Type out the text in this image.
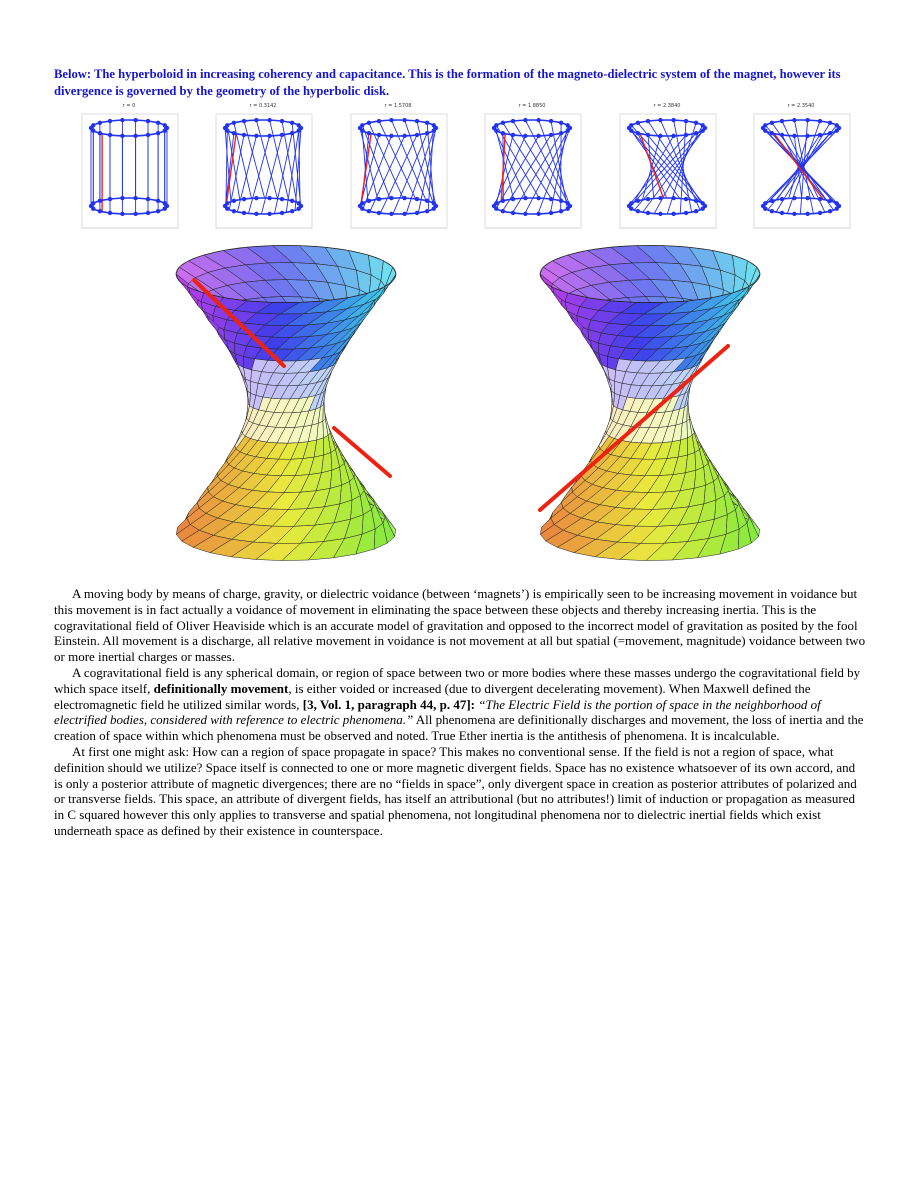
Below: The hyperboloid in increasing coherency and capacitance. This is the formation of the magneto-dielectric system of the magnet, however its divergence is governed by the geometry of the hyperbolic disk.
r = 0	r = 0.3142	r = 1.5708	r = 1.8850	r = 2.3840	r = 2.3540

A moving body by means of charge, gravity, or dielectric voidance (between ‘magnets’) is empirically seen to be increasing movement in voidance but this movement is in fact actually a voidance of movement in eliminating the space between these objects and thereby increasing inertia. This is the cogravitational field of Oliver Heaviside which is an accurate model of gravitation and opposed to the incorrect model of gravitation as posited by the fool Einstein. All movement is a discharge, all relative movement in voidance is not movement at all but spatial (=movement, magnitude) voidance between two or more inertial charges or masses.

A cogravitational field is any spherical domain, or region of space between two or more bodies where these masses undergo the cogravitational field by which space itself, definitionally movement, is either voided or increased (due to divergent decelerating movement). When Maxwell defined the electromagnetic field he utilized similar words, [3, Vol. 1, paragraph 44, p. 47]: “The Electric Field is the portion of space in the neighborhood of electrified bodies, considered with reference to electric phenomena.” All phenomena are definitionally discharges and movement, the loss of inertia and the creation of space within which phenomena must be observed and noted. True Ether inertia is the antithesis of phenomena. It is incalculable.

At first one might ask: How can a region of space propagate in space? This makes no conventional sense. If the field is not a region of space, what definition should we utilize? Space itself is connected to one or more magnetic divergent fields. Space has no existence whatsoever of its own accord, and is only a posterior attribute of magnetic divergences; there are no “fields in space”, only divergent space in creation as posterior attributes of polarized and or transverse fields. This space, an attribute of divergent fields, has itself an attributional (but no attributes!) limit of induction or propagation as measured in C squared however this only applies to transverse and spatial phenomena, not longitudinal phenomena nor to dielectric inertial fields which exist underneath space as defined by their existence in counterspace.
